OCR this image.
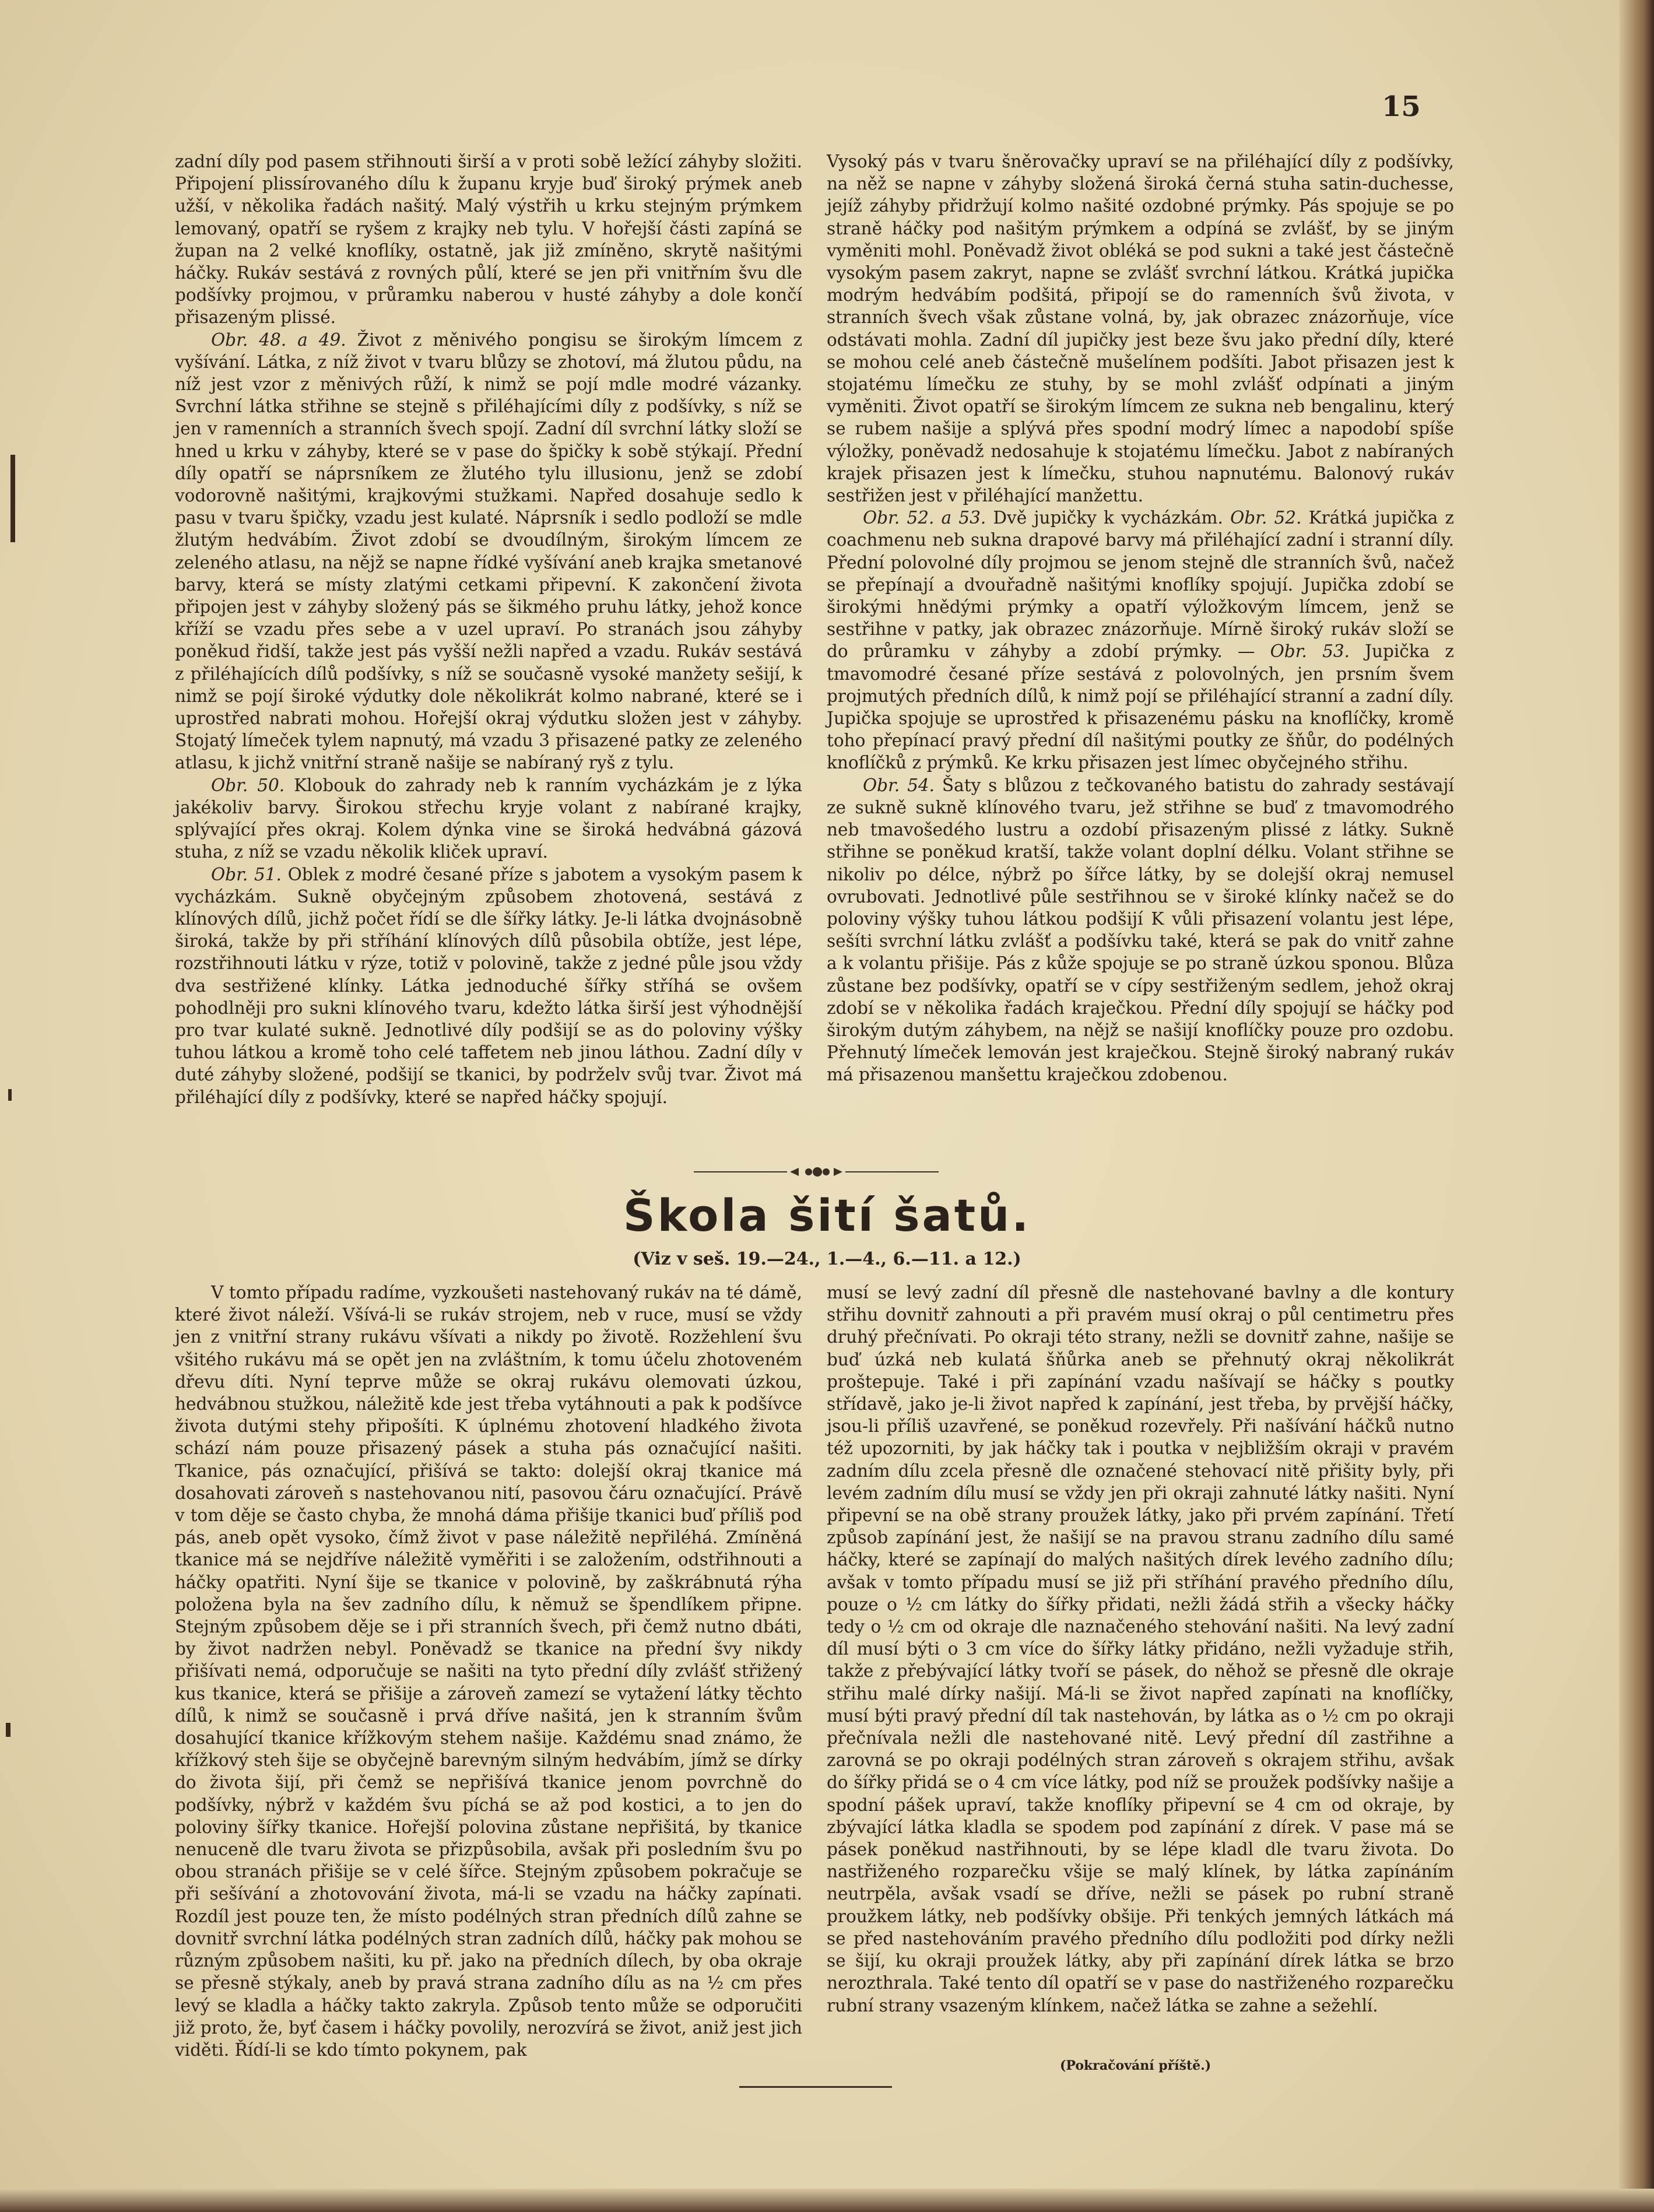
15

zadní díly pod pasem střihnouti širší a v proti sobě ležící záhyby složiti. Připojení plissírovaného dílu k županu kryje buď široký prýmek aneb užší, v několika řadách našitý. Malý výstřih u krku stejným prýmkem lemovaný, opatří se ryšem z krajky neb tylu. V hořejší části zapíná se župan na 2 velké knoflíky, ostatně, jak již zmíněno, skrytě našitými háčky. Rukáv sestává z rovných půlí, které se jen při vnitřním švu dle podšívky projmou, v průramku naberou v husté záhyby a dole končí přisazeným plissé.

Obr. 48. a 49. Život z měnivého pongisu se širokým límcem z vyšívání. Látka, z níž život v tvaru blůzy se zhotoví, má žlutou půdu, na níž jest vzor z měnivých růží, k nimž se pojí mdle modré vázanky. Svrchní látka střihne se stejně s přiléhajícími díly z podšívky, s níž se jen v ramenních a stranních švech spojí. Zadní díl svrchní látky složí se hned u krku v záhyby, které se v pase do špičky k sobě stýkají. Přední díly opatří se náprsníkem ze žlutého tylu illusionu, jenž se zdobí vodorovně našitými, krajkovými stužkami. Napřed dosahuje sedlo k pasu v tvaru špičky, vzadu jest kulaté. Náprsník i sedlo podloží se mdle žlutým hedvábím. Život zdobí se dvoudílným, širokým límcem ze zeleného atlasu, na nějž se napne řídké vyšívání aneb krajka smetanové barvy, která se místy zlatými cetkami připevní. K zakončení života připojen jest v záhyby složený pás se šikmého pruhu látky, jehož konce kříží se vzadu přes sebe a v uzel upraví. Po stranách jsou záhyby poněkud řidší, takže jest pás vyšší nežli napřed a vzadu. Rukáv sestává z přiléhajících dílů podšívky, s níž se současně vysoké manžety sešijí, k nimž se pojí široké výdutky dole několikrát kolmo nabrané, které se i uprostřed nabrati mohou. Hořejší okraj výdutku složen jest v záhyby. Stojatý límeček tylem napnutý, má vzadu 3 přisazené patky ze zeleného atlasu, k jichž vnitřní straně našije se nabíraný ryš z tylu.

Obr. 50. Klobouk do zahrady neb k ranním vycházkám je z lýka jakékoliv barvy. Širokou střechu kryje volant z nabírané krajky, splývající přes okraj. Kolem dýnka vine se široká hedvábná gázová stuha, z níž se vzadu několik kliček upraví.

Obr. 51. Oblek z modré česané příze s jabotem a vysokým pasem k vycházkám. Sukně obyčejným způsobem zhotovená, sestává z klínových dílů, jichž počet řídí se dle šířky látky. Je-li látka dvojnásobně široká, takže by při stříhání klínových dílů působila obtíže, jest lépe, rozstřihnouti látku v rýze, totiž v polovině, takže z jedné půle jsou vždy dva sestřižené klínky. Látka jednoduché šířky stříhá se ovšem pohodlněji pro sukni klínového tvaru, kdežto látka širší jest výhodnější pro tvar kulaté sukně. Jednotlivé díly podšijí se as do poloviny výšky tuhou látkou a kromě toho celé taffetem neb jinou láthou. Zadní díly v duté záhyby složené, podšijí se tkanici, by podrželv svůj tvar. Život má přiléhající díly z podšívky, které se napřed háčky spojují.

Vysoký pás v tvaru šněrovačky upraví se na přiléhající díly z podšívky, na něž se napne v záhyby složená široká černá stuha satin-duchesse, jejíž záhyby přidržují kolmo našité ozdobné prýmky. Pás spojuje se po straně háčky pod našitým prýmkem a odpíná se zvlášť, by se jiným vyměniti mohl. Poněvadž život obléká se pod sukni a také jest částečně vysokým pasem zakryt, napne se zvlášť svrchní látkou. Krátká jupička modrým hedvábím podšitá, připojí se do ramenních švů života, v stranních švech však zůstane volná, by, jak obrazec znázorňuje, více odstávati mohla. Zadní díl jupičky jest beze švu jako přední díly, které se mohou celé aneb částečně mušelínem podšíti. Jabot přisazen jest k stojatému límečku ze stuhy, by se mohl zvlášť odpínati a jiným vyměniti. Život opatří se širokým límcem ze sukna neb bengalinu, který se rubem našije a splývá přes spodní modrý límec a napodobí spíše výložky, poněvadž nedosahuje k stojatému límečku. Jabot z nabíraných krajek přisazen jest k límečku, stuhou napnutému. Balonový rukáv sestřižen jest v přiléhající manžettu.

Obr. 52. a 53. Dvě jupičky k vycházkám. Obr. 52. Krátká jupička z coachmenu neb sukna drapové barvy má přiléhající zadní i stranní díly. Přední polovolné díly projmou se jenom stejně dle stranních švů, načež se přepínají a dvouřadně našitými knoflíky spojují. Jupička zdobí se širokými hnědými prýmky a opatří výložkovým límcem, jenž se sestřihne v patky, jak obrazec znázorňuje. Mírně široký rukáv složí se do průramku v záhyby a zdobí prýmky. — Obr. 53. Jupička z tmavomodré česané příze sestává z polovolných, jen prsním švem projmutých předních dílů, k nimž pojí se přiléhající stranní a zadní díly. Jupička spojuje se uprostřed k přisazenému pásku na knoflíčky, kromě toho přepínací pravý přední díl našitými poutky ze šňůr, do podélných knoflíčků z prýmků. Ke krku přisazen jest límec obyčejného střihu.

Obr. 54. Šaty s blůzou z tečkovaného batistu do zahrady sestávají ze sukně sukně klínového tvaru, jež střihne se buď z tmavomodrého neb tmavošedého lustru a ozdobí přisazeným plissé z látky. Sukně střihne se poněkud kratší, takže volant doplní délku. Volant střihne se nikoliv po délce, nýbrž po šířce látky, by se dolejší okraj nemusel ovrubovati. Jednotlivé půle sestřihnou se v široké klínky načež se do poloviny výšky tuhou látkou podšijí K vůli přisazení volantu jest lépe, sešíti svrchní látku zvlášť a podšívku také, která se pak do vnitř zahne a k volantu přišije. Pás z kůže spojuje se po straně úzkou sponou. Blůza zůstane bez podšívky, opatří se v cípy sestřiženým sedlem, jehož okraj zdobí se v několika řadách kraječkou. Přední díly spojují se háčky pod širokým dutým záhybem, na nějž se našijí knoflíčky pouze pro ozdobu. Přehnutý límeček lemován jest kraječkou. Stejně široký nabraný rukáv má přisazenou manšettu kraječkou zdobenou.

Škola šití šatů.
(Viz v seš. 19.—24., 1.—4., 6.—11. a 12.)

V tomto případu radíme, vyzkoušeti nastehovaný rukáv na té dámě, které život náleží. Všívá-li se rukáv strojem, neb v ruce, musí se vždy jen z vnitřní strany rukávu všívati a nikdy po životě. Rozžehlení švu všitého rukávu má se opět jen na zvláštním, k tomu účelu zhotoveném dřevu díti. Nyní teprve může se okraj rukávu olemovati úzkou, hedvábnou stužkou, náležitě kde jest třeba vytáhnouti a pak k podšívce života dutými stehy připošíti. K úplnému zhotovení hladkého života schází nám pouze přisazený pásek a stuha pás označující našiti. Tkanice, pás označující, přišívá se takto: dolejší okraj tkanice má dosahovati zároveň s nastehovanou nití, pasovou čáru označující. Právě v tom děje se často chyba, že mnohá dáma přišije tkanici buď příliš pod pás, aneb opět vysoko, čímž život v pase náležitě nepřiléhá. Zmíněná tkanice má se nejdříve náležitě vyměřiti i se založením, odstřihnouti a háčky opatřiti. Nyní šije se tkanice v polovině, by zaškrábnutá rýha položena byla na šev zadního dílu, k němuž se špendlíkem připne. Stejným způsobem děje se i při stranních švech, při čemž nutno dbáti, by život nadržen nebyl. Poněvadž se tkanice na přední švy nikdy přišívati nemá, odporučuje se našiti na tyto přední díly zvlášť střižený kus tkanice, která se přišije a zároveň zamezí se vytažení látky těchto dílů, k nimž se současně i prvá dříve našitá, jen k stranním švům dosahující tkanice křížkovým stehem našije. Každému snad známo, že křížkový steh šije se obyčejně barevným silným hedvábím, jímž se dírky do života šijí, při čemž se nepřišívá tkanice jenom povrchně do podšívky, nýbrž v každém švu píchá se až pod kostici, a to jen do poloviny šířky tkanice. Hořejší polovina zůstane nepřišitá, by tkanice nenuceně dle tvaru života se přizpůsobila, avšak při posledním švu po obou stranách přišije se v celé šířce. Stejným způsobem pokračuje se při sešívání a zhotovování života, má-li se vzadu na háčky zapínati. Rozdíl jest pouze ten, že místo podélných stran předních dílů zahne se dovnitř svrchní látka podélných stran zadních dílů, háčky pak mohou se různým způsobem našiti, ku př. jako na předních dílech, by oba okraje se přesně stýkaly, aneb by pravá strana zadního dílu as na ½ cm přes levý se kladla a háčky takto zakryla. Způsob tento může se odporučiti již proto, že, byť časem i háčky povolily, nerozvírá se život, aniž jest jich viděti. Řídí-li se kdo tímto pokynem, pak

musí se levý zadní díl přesně dle nastehované bavlny a dle kontury střihu dovnitř zahnouti a při pravém musí okraj o půl centimetru přes druhý přečnívati. Po okraji této strany, nežli se dovnitř zahne, našije se buď úzká neb kulatá šňůrka aneb se přehnutý okraj několikrát proštepuje. Také i při zapínání vzadu našívají se háčky s poutky střídavě, jako je-li život napřed k zapínání, jest třeba, by prvější háčky, jsou-li příliš uzavřené, se poněkud rozevřely. Při našívání háčků nutno též upozorniti, by jak háčky tak i poutka v nejbližším okraji v pravém zadním dílu zcela přesně dle označené stehovací nitě přišity byly, při levém zadním dílu musí se vždy jen při okraji zahnuté látky našiti. Nyní připevní se na obě strany proužek látky, jako při prvém zapínání. Třetí způsob zapínání jest, že našijí se na pravou stranu zadního dílu samé háčky, které se zapínají do malých našitých dírek levého zadního dílu; avšak v tomto případu musí se již při stříhání pravého předního dílu, pouze o ½ cm látky do šířky přidati, nežli žádá střih a všecky háčky tedy o ½ cm od okraje dle naznačeného stehování našiti. Na levý zadní díl musí býti o 3 cm více do šířky látky přidáno, nežli vyžaduje střih, takže z přebývající látky tvoří se pásek, do něhož se přesně dle okraje střihu malé dírky našijí. Má-li se život napřed zapínati na knoflíčky, musí býti pravý přední díl tak nastehován, by látka as o ½ cm po okraji přečnívala nežli dle nastehované nitě. Levý přední díl zastřihne a zarovná se po okraji podélných stran zároveň s okrajem střihu, avšak do šířky přidá se o 4 cm více látky, pod níž se proužek podšívky našije a spodní pášek upraví, takže knoflíky připevní se 4 cm od okraje, by zbývající látka kladla se spodem pod zapínání z dírek. V pase má se pásek poněkud nastřihnouti, by se lépe kladl dle tvaru života. Do nastřiženého rozparečku všije se malý klínek, by látka zapínáním neutrpěla, avšak vsadí se dříve, nežli se pásek po rubní straně proužkem látky, neb podšívky obšije. Při tenkých jemných látkách má se před nastehováním pravého předního dílu podložiti pod dírky nežli se šijí, ku okraji proužek látky, aby při zapínání dírek látka se brzo nerozthrala. Také tento díl opatří se v pase do nastřiženého rozparečku rubní strany vsazeným klínkem, načež látka se zahne a sežehlí.

(Pokračování příště.)
